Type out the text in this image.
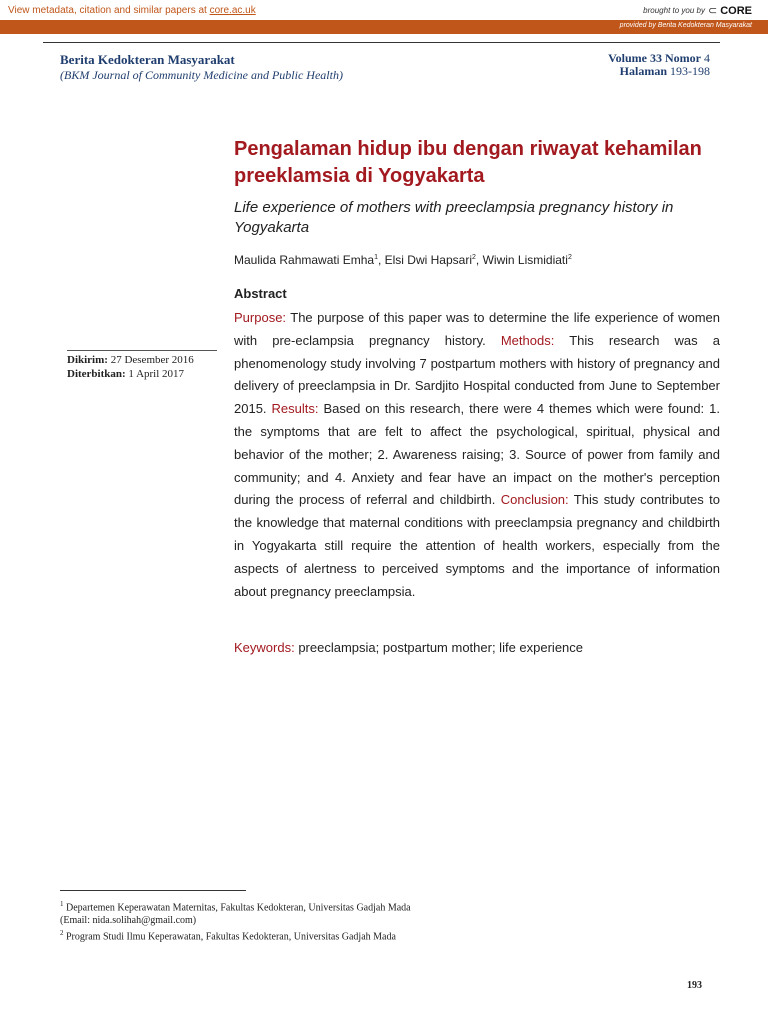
View metadata, citation and similar papers at core.ac.uk	brought to you by ⊂ CORE
provided by Berita Kedokteran Masyarakat
Berita Kedokteran Masyarakat
(BKM Journal of Community Medicine and Public Health)
Volume 33 Nomor 4
Halaman 193-198
Pengalaman hidup ibu dengan riwayat kehamilan preeklamsia di Yogyakarta
Life experience of mothers with preeclampsia pregnancy history in Yogyakarta
Maulida Rahmawati Emha$^1$, Elsi Dwi Hapsari$^2$, Wiwin Lismidiati$^2$
Dikirim: 27 Desember 2016
Diterbitkan: 1 April 2017
Abstract
Purpose: The purpose of this paper was to determine the life experience of women with pre-eclampsia pregnancy history. Methods: This research was a phenomenology study involving 7 postpartum mothers with history of pregnancy and delivery of preeclampsia in Dr. Sardjito Hospital conducted from June to September 2015. Results: Based on this research, there were 4 themes which were found: 1. the symptoms that are felt to affect the psychological, spiritual, physical and behavior of the mother; 2. Awareness raising; 3. Source of power from family and community; and 4. Anxiety and fear have an impact on the mother's perception during the process of referral and childbirth. Conclusion: This study contributes to the knowledge that maternal conditions with preeclampsia pregnancy and childbirth in Yogyakarta still require the attention of health workers, especially from the aspects of alertness to perceived symptoms and the importance of information about pregnancy preeclampsia.
Keywords: preeclampsia; postpartum mother; life experience
$^1$ Departemen Keperawatan Maternitas, Fakultas Kedokteran, Universitas Gadjah Mada
(Email: nida.solihah@gmail.com)
$^2$ Program Studi Ilmu Keperawatan, Fakultas Kedokteran, Universitas Gadjah Mada
193
